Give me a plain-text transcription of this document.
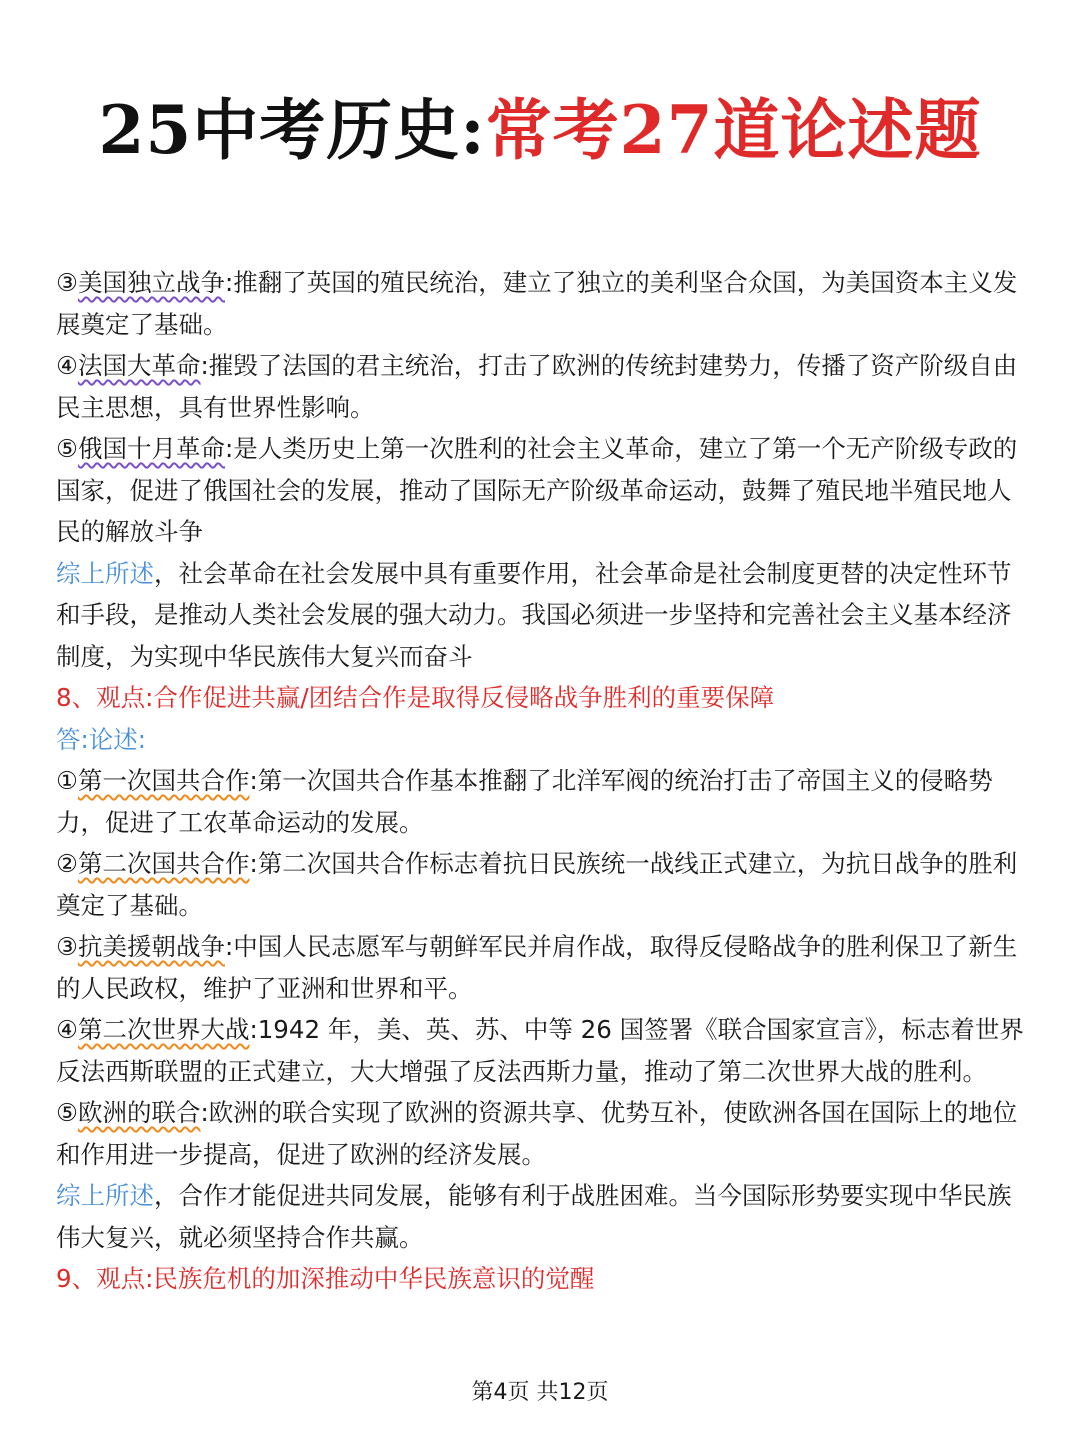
25中考历史:常考27道论述题

③美国独立战争:推翻了英国的殖民统治，建立了独立的美利坚合众国，为美国资本主义发展奠定了基础。

④法国大革命:摧毁了法国的君主统治，打击了欧洲的传统封建势力，传播了资产阶级自由民主思想，具有世界性影响。

⑤俄国十月革命:是人类历史上第一次胜利的社会主义革命，建立了第一个无产阶级专政的国家，促进了俄国社会的发展，推动了国际无产阶级革命运动，鼓舞了殖民地半殖民地人民的解放斗争

综上所述，社会革命在社会发展中具有重要作用，社会革命是社会制度更替的决定性环节和手段，是推动人类社会发展的强大动力。我国必须进一步坚持和完善社会主义基本经济制度，为实现中华民族伟大复兴而奋斗

8、观点:合作促进共赢/团结合作是取得反侵略战争胜利的重要保障

答:论述:

①第一次国共合作:第一次国共合作基本推翻了北洋军阀的统治打击了帝国主义的侵略势力，促进了工农革命运动的发展。

②第二次国共合作:第二次国共合作标志着抗日民族统一战线正式建立，为抗日战争的胜利奠定了基础。

③抗美援朝战争:中国人民志愿军与朝鲜军民并肩作战，取得反侵略战争的胜利保卫了新生的人民政权，维护了亚洲和世界和平。

④第二次世界大战:1942 年，美、英、苏、中等 26 国签署《联合国家宣言》，标志着世界反法西斯联盟的正式建立，大大增强了反法西斯力量，推动了第二次世界大战的胜利。

⑤欧洲的联合:欧洲的联合实现了欧洲的资源共享、优势互补，使欧洲各国在国际上的地位和作用进一步提高，促进了欧洲的经济发展。

综上所述，合作才能促进共同发展，能够有利于战胜困难。当今国际形势要实现中华民族伟大复兴，就必须坚持合作共赢。

9、观点:民族危机的加深推动中华民族意识的觉醒

第4页 共12页
